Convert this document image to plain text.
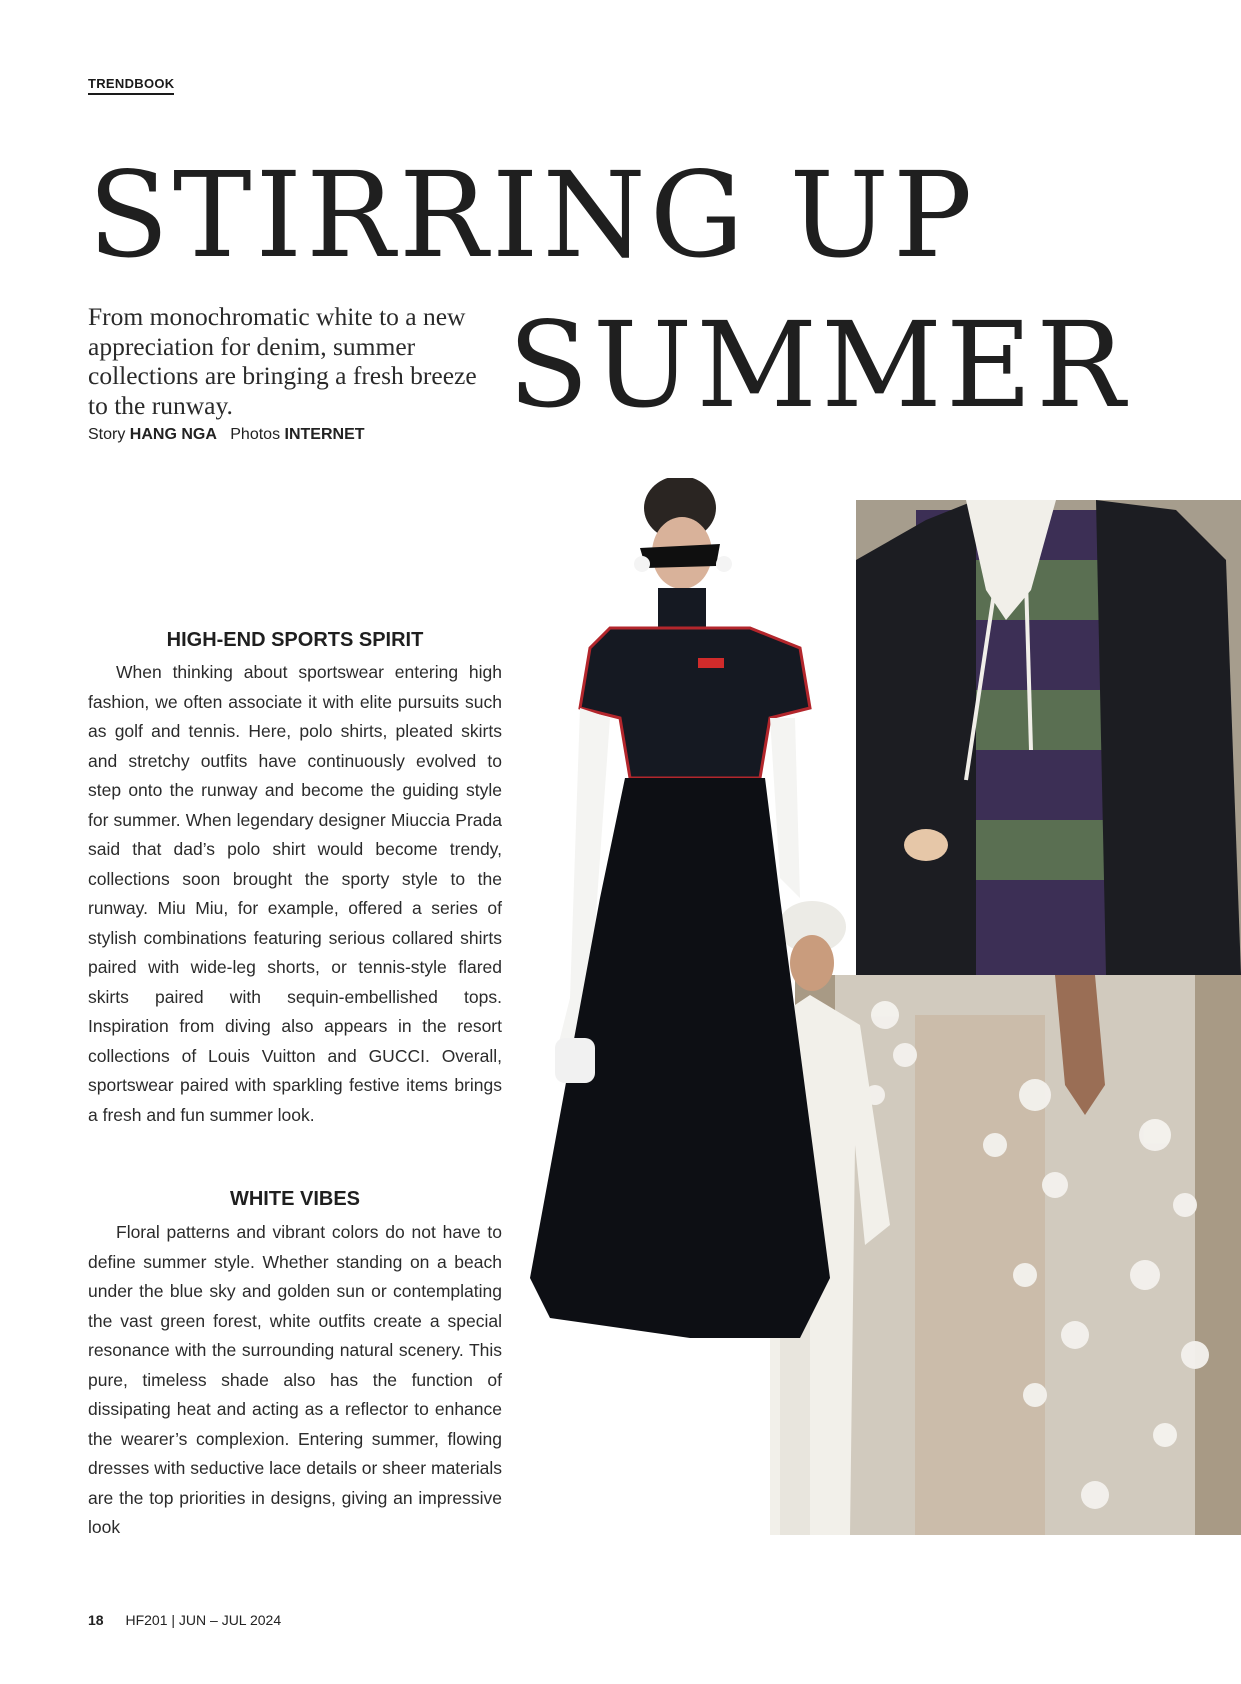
TRENDBOOK
STIRRING UP
SUMMER
From monochromatic white to a new appreciation for denim, summer collections are bringing a fresh breeze to the runway.
Story HANG NGA Photos INTERNET
HIGH-END SPORTS SPIRIT

When thinking about sportswear entering high fashion, we often associate it with elite pursuits such as golf and tennis. Here, polo shirts, pleated skirts and stretchy outfits have continuously evolved to step onto the runway and become the guiding style for summer. When legendary designer Miuccia Prada said that dad’s polo shirt would become trendy, collections soon brought the sporty style to the runway. Miu Miu, for example, offered a series of stylish combinations featuring serious collared shirts paired with wide-leg shorts, or tennis-style flared skirts paired with sequin-embellished tops. Inspiration from diving also appears in the resort collections of Louis Vuitton and GUCCI. Overall, sportswear paired with sparkling festive items brings a fresh and fun summer look.

WHITE VIBES

Floral patterns and vibrant colors do not have to define summer style. Whether standing on a beach under the blue sky and golden sun or contemplating the vast green forest, white outfits create a special resonance with the surrounding natural scenery. This pure, timeless shade also has the function of dissipating heat and acting as a reflector to enhance the wearer’s complexion. Entering summer, flowing dresses with seductive lace details or sheer materials are the top priorities in designs, giving an impressive look

18 HF201 | JUN – JUL 2024
